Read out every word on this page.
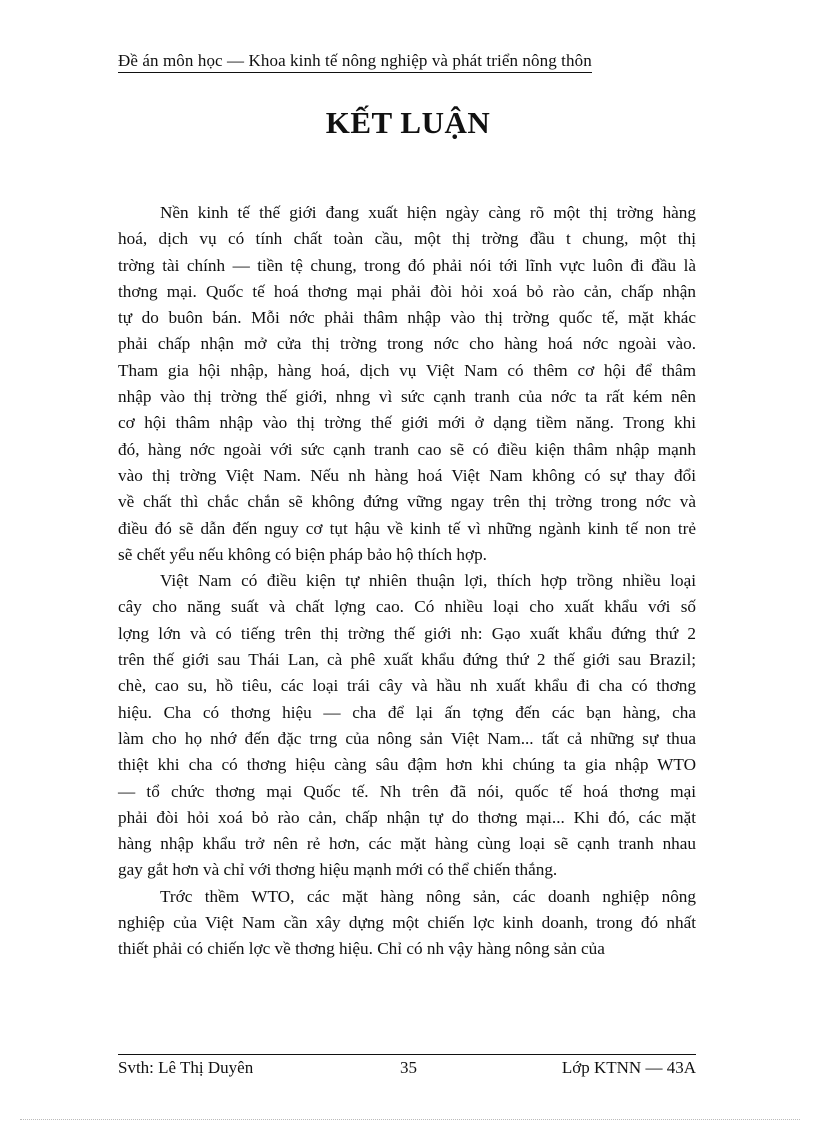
Đề án môn học — Khoa kinh tế nông nghiệp và phát triển nông thôn
KẾT LUẬN
Nền kinh tế thế giới đang xuất hiện ngày càng rõ một thị trờng hàng
hoá, dịch vụ có tính chất toàn cầu, một thị trờng đầu t chung, một thị
trờng tài chính — tiền tệ chung, trong đó phải nói tới lĩnh vực luôn đi đầu là
thơng mại. Quốc tế hoá thơng mại phải đòi hỏi xoá bỏ rào cản, chấp nhận
tự do buôn bán. Mỗi nớc phải thâm nhập vào thị trờng quốc tế, mặt khác
phải chấp nhận mở cửa thị trờng trong nớc cho hàng hoá nớc ngoài vào.
Tham gia hội nhập, hàng hoá, dịch vụ Việt Nam có thêm cơ hội để thâm
nhập vào thị trờng thế giới, nhng vì sức cạnh tranh của nớc ta rất kém nên
cơ hội thâm nhập vào thị trờng thế giới mới ở dạng tiềm năng. Trong khi
đó, hàng nớc ngoài với sức cạnh tranh cao sẽ có điều kiện thâm nhập mạnh
vào thị trờng Việt Nam. Nếu nh hàng hoá Việt Nam không có sự thay đổi
về chất thì chắc chắn sẽ không đứng vững ngay trên thị trờng trong nớc và
điều đó sẽ dẫn đến nguy cơ tụt hậu về kinh tế vì những ngành kinh tế non trẻ
sẽ chết yểu nếu không có biện pháp bảo hộ thích hợp.
Việt Nam có điều kiện tự nhiên thuận lợi, thích hợp trồng nhiều loại
cây cho năng suất và chất lợng cao. Có nhiều loại cho xuất khẩu với số
lợng lớn và có tiếng trên thị trờng thế giới nh: Gạo xuất khẩu đứng thứ 2
trên thế giới sau Thái Lan, cà phê xuất khẩu đứng thứ 2 thế giới sau Brazil;
chè, cao su, hồ tiêu, các loại trái cây và hầu nh xuất khẩu đi cha có thơng
hiệu. Cha có thơng hiệu — cha để lại ấn tợng đến các bạn hàng, cha
làm cho họ nhớ đến đặc trng của nông sản Việt Nam... tất cả những sự thua
thiệt khi cha có thơng hiệu càng sâu đậm hơn khi chúng ta gia nhập WTO
— tổ chức thơng mại Quốc tế. Nh trên đã nói, quốc tế hoá thơng mại
phải đòi hỏi xoá bỏ rào cản, chấp nhận tự do thơng mại... Khi đó, các mặt
hàng nhập khẩu trở nên rẻ hơn, các mặt hàng cùng loại sẽ cạnh tranh nhau
gay gắt hơn và chỉ với thơng hiệu mạnh mới có thể chiến thắng.
Trớc thềm WTO, các mặt hàng nông sản, các doanh nghiệp nông
nghiệp của Việt Nam cần xây dựng một chiến lợc kinh doanh, trong đó nhất
thiết phải có chiến lợc về thơng hiệu. Chỉ có nh vậy hàng nông sản của
Svth: Lê Thị Duyên	35	Lớp KTNN — 43A
